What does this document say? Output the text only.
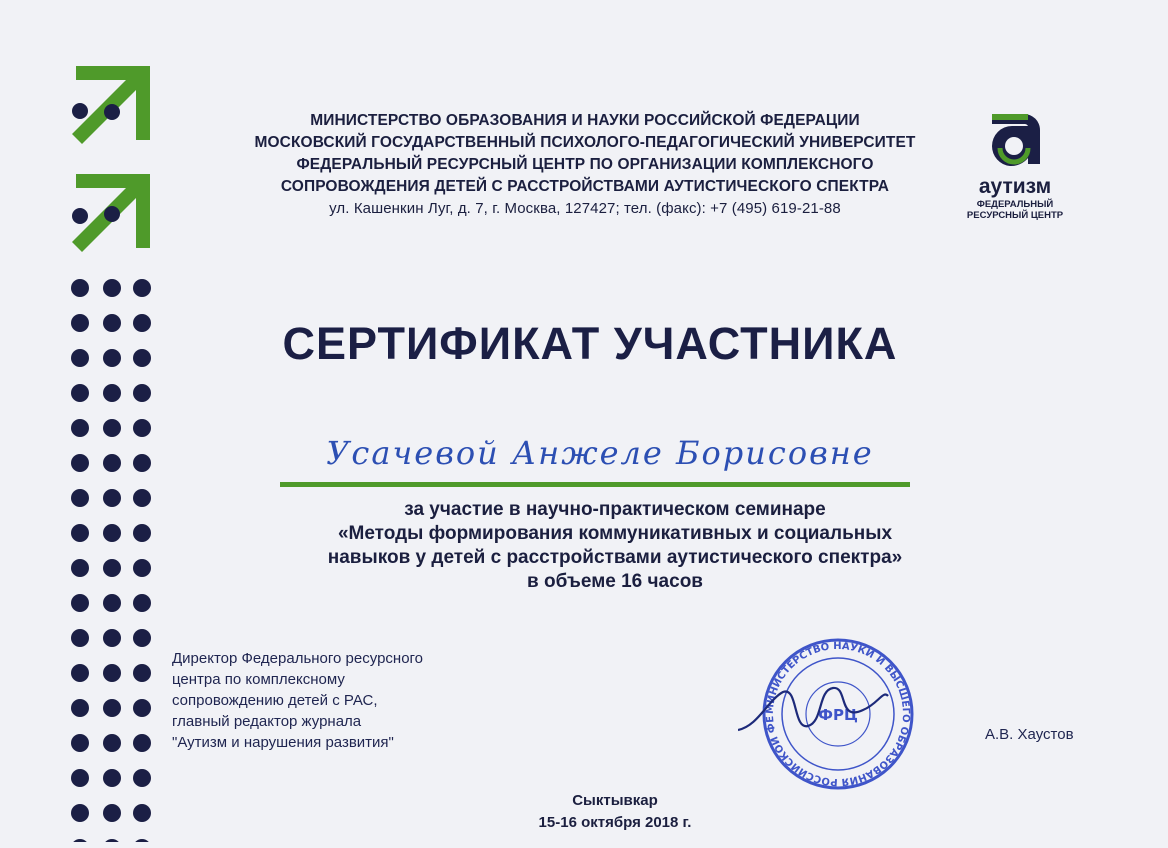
МИНИСТЕРСТВО ОБРАЗОВАНИЯ И НАУКИ РОССИЙСКОЙ ФЕДЕРАЦИИ
МОСКОВСКИЙ ГОСУДАРСТВЕННЫЙ ПСИХОЛОГО-ПЕДАГОГИЧЕСКИЙ УНИВЕРСИТЕТ
ФЕДЕРАЛЬНЫЙ РЕСУРСНЫЙ ЦЕНТР ПО ОРГАНИЗАЦИИ КОМПЛЕКСНОГО
СОПРОВОЖДЕНИЯ ДЕТЕЙ С РАССТРОЙСТВАМИ АУТИСТИЧЕСКОГО СПЕКТРА
ул. Кашенкин Луг, д. 7, г. Москва, 127427; тел. (факс): +7 (495) 619-21-88
аутизм
ФЕДЕРАЛЬНЫЙ
РЕСУРСНЫЙ ЦЕНТР
СЕРТИФИКАТ УЧАСТНИКА
Усачевой Анжеле Борисовне
за участие в научно-практическом семинаре
«Методы формирования коммуникативных и социальных
навыков у детей с расстройствами аутистического спектра»
в объеме 16 часов
Директор Федерального ресурсного
центра по комплексному
сопровождению детей с РАС,
главный редактор журнала
"Аутизм и нарушения развития"
МИНИСТЕРСТВО НАУКИ И ВЫСШЕГО ОБРАЗОВАНИЯ РОССИЙСКОЙ ФЕ	ФРЦ
А.В. Хаустов
Сыктывкар
15-16 октября 2018 г.
